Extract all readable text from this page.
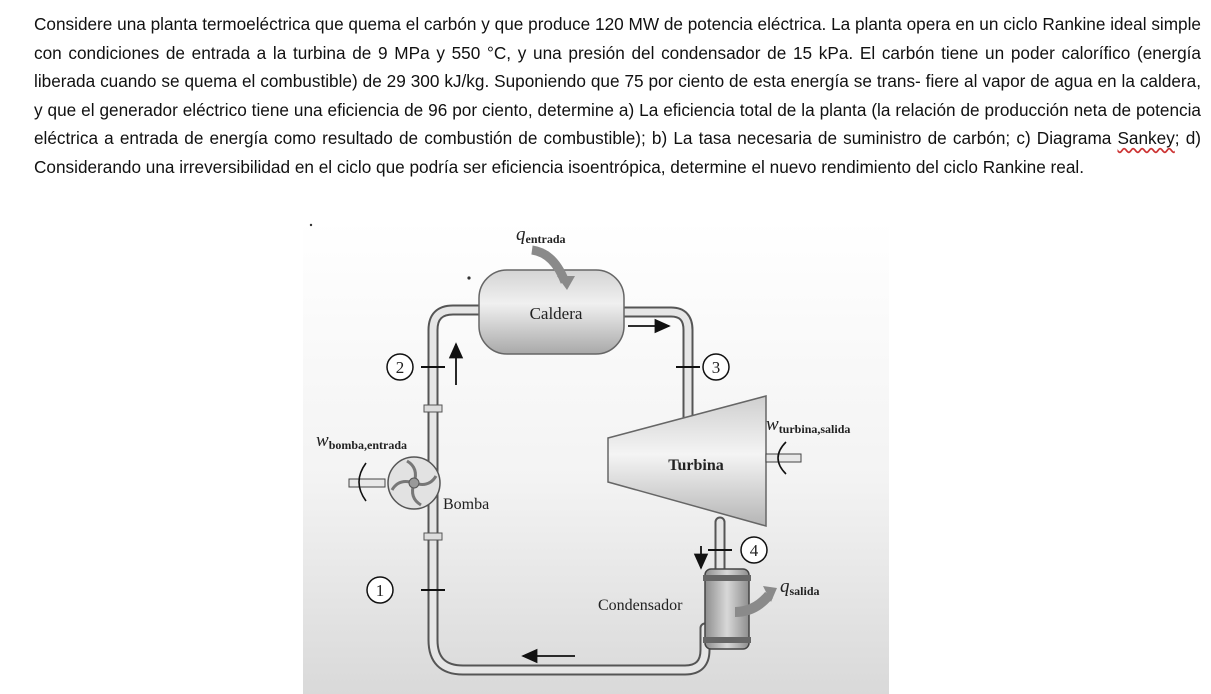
Considere una planta termoeléctrica que quema el carbón y que produce 120 MW de potencia eléctrica. La planta opera en un ciclo Rankine ideal simple con condiciones de entrada a la turbina de 9 MPa y 550 °C, y una presión del condensador de 15 kPa. El carbón tiene un poder calorífico (energía liberada cuando se quema el combustible) de 29 300 kJ/kg. Suponiendo que 75 por ciento de esta energía se trans- fiere al vapor de agua en la caldera, y que el generador eléctrico tiene una eficiencia de 96 por ciento, determine a) La eficiencia total de la planta (la relación de producción neta de potencia eléctrica a entrada de energía como resultado de combustión de combustible); b) La tasa necesaria de suministro de carbón; c) Diagrama Sankey; d) Considerando una irreversibilidad en el ciclo que podría ser eficiencia isoentrópica, determine el nuevo rendimiento del ciclo Rankine real.

Caldera
qentrada
Turbina
wturbina,salida
Bomba
wbomba,entrada
Condensador
qsalida
2	3
4
1
